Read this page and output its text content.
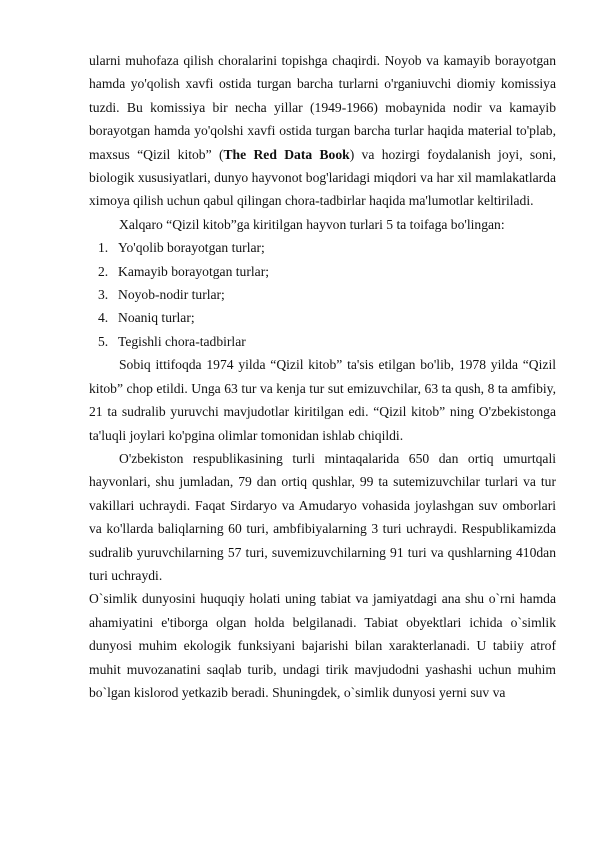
ularni muhofaza qilish choralarini topishga chaqirdi. Noyob va kamayib borayotgan hamda yo'qolish xavfi ostida turgan barcha turlarni o'rganiuvchi diomiy komissiya tuzdi. Bu komissiya bir necha yillar (1949-1966) mobaynida nodir va kamayib borayotgan hamda yo'qolshi xavfi ostida turgan barcha turlar haqida material to'plab, maxsus “Qizil kitob” (The Red Data Book) va hozirgi foydalanish joyi, soni, biologik xususiyatlari, dunyo hayvonot bog'laridagi miqdori va har xil mamlakatlarda ximoya qilish uchun qabul qilingan chora-tadbirlar haqida ma'lumotlar keltiriladi.

Xalqaro “Qizil kitob”ga kiritilgan hayvon turlari 5 ta toifaga bo'lingan:

1. Yo'qolib borayotgan turlar;
2. Kamayib borayotgan turlar;
3. Noyob-nodir turlar;
4. Noaniq turlar;
5. Tegishli chora-tadbirlar

Sobiq ittifoqda 1974 yilda “Qizil kitob” ta'sis etilgan bo'lib, 1978 yilda “Qizil kitob” chop etildi. Unga 63 tur va kenja tur sut emizuvchilar, 63 ta qush, 8 ta amfibiy, 21 ta sudralib yuruvchi mavjudotlar kiritilgan edi. “Qizil kitob” ning O'zbekistonga ta'luqli joylari ko'pgina olimlar tomonidan ishlab chiqildi.

O'zbekiston respublikasining turli mintaqalarida 650 dan ortiq umurtqali hayvonlari, shu jumladan, 79 dan ortiq qushlar, 99 ta sutemizuvchilar turlari va tur vakillari uchraydi. Faqat Sirdaryo va Amudaryo vohasida joylashgan suv omborlari va ko'llarda baliqlarning 60 turi, ambfibiyalarning 3 turi uchraydi. Respublikamizda sudralib yuruvchilarning 57 turi, suvemizuvchilarning 91 turi va qushlarning 410dan turi uchraydi.

O`simlik dunyosini huquqiy holati uning tabiat va jamiyatdagi ana shu o`rni hamda ahamiyatini e'tiborga olgan holda belgilanadi. Tabiat obyektlari ichida o`simlik dunyosi muhim ekologik funksiyani bajarishi bilan xarakterlanadi. U tabiiy atrof muhit muvozanatini saqlab turib, undagi tirik mavjudodni yashashi uchun muhim bo`lgan kislorod yetkazib beradi. Shuningdek, o`simlik dunyosi yerni suv va
